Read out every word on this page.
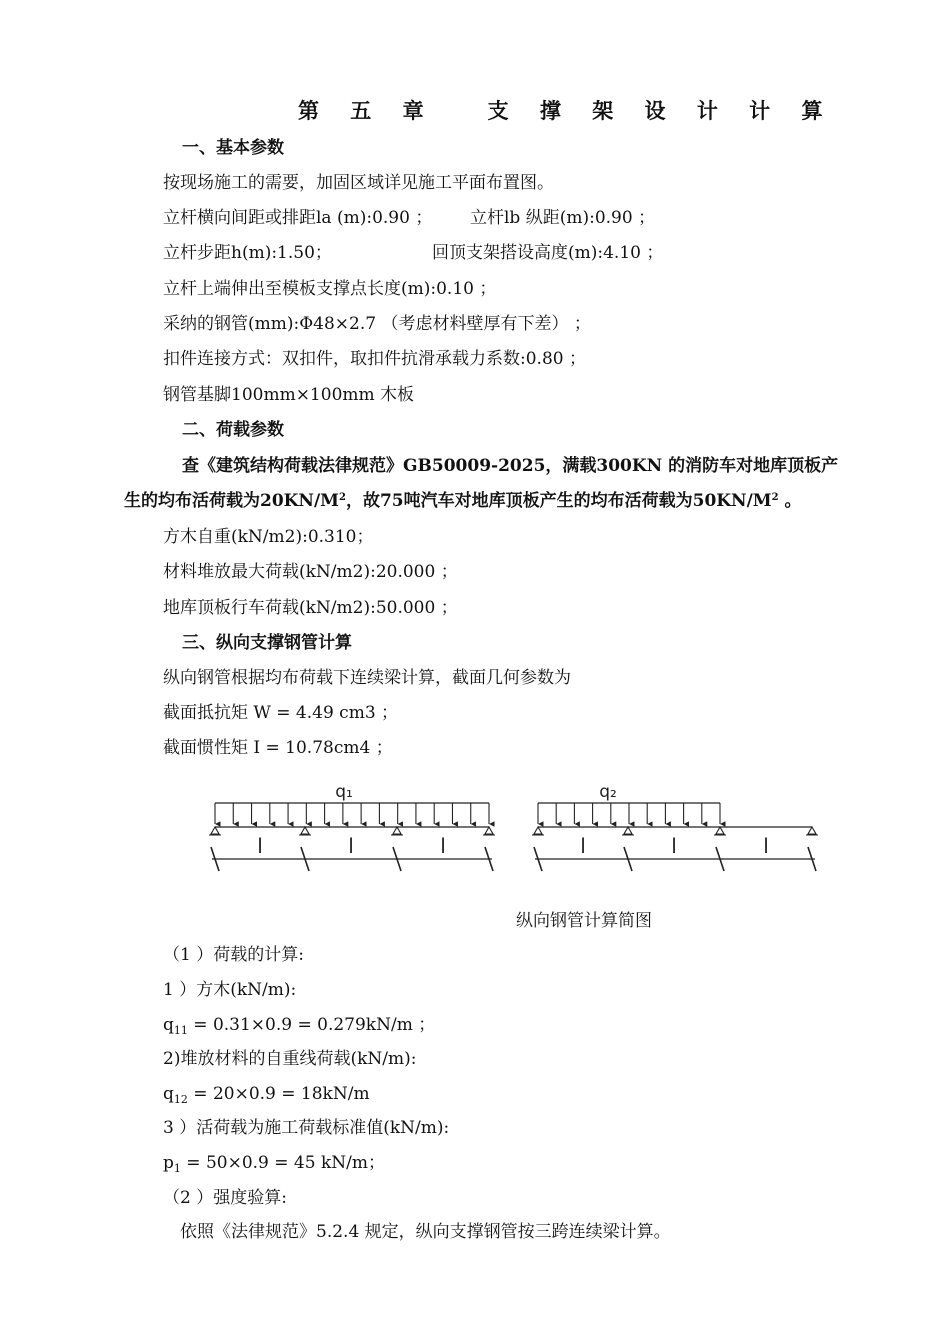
第 五 章 支 撑 架 设 计 计 算
一、基本参数
按现场施工的需要，加固区域详见施工平面布置图。
立杆横向间距或排距la (m):0.90 ； 立杆lb 纵距(m):0.90 ；
立杆步距h(m):1.50；	回顶支架搭设高度(m):4.10 ；
立杆上端伸出至模板支撑点长度(m):0.10 ；
采纳的钢管(mm):Φ48×2.7 （考虑材料壁厚有下差） ；
扣件连接方式：双扣件，取扣件抗滑承载力系数:0.80 ；
钢管基脚100mm×100mm 木板
二、荷载参数
查《建筑结构荷载法律规范》GB50009-2025，满载300KN 的消防车对地库顶板产
生的均布活荷载为$20KN/M^2$，故75吨汽车对地库顶板产生的均布活荷载为$50KN/M^2$ 。
方木自重(kN/m2):0.310；
材料堆放最大荷载(kN/m2):20.000 ；
地库顶板行车荷载(kN/m2):50.000 ；
三、纵向支撑钢管计算
纵向钢管根据均布荷载下连续梁计算，截面几何参数为
截面抵抗矩 W = 4.49 cm3 ；
截面惯性矩 I = 10.78cm4 ；
q₁	q₂
l	l	l	l	l	l
纵向钢管计算简图
（1 ）荷载的计算:
1 ）方木(kN/m):
$q_{11} = 0.31\times 0.9 = 0.279kN/m$ ；
2)堆放材料的自重线荷载(kN/m):
$q_{12} = 20\times 0.9 = 18kN/m$
3 ）活荷载为施工荷载标准值(kN/m):
$p_1 = 50\times 0.9 = 45$ kN/m；
（2 ）强度验算:
依照《法律规范》5.2.4 规定，纵向支撑钢管按三跨连续梁计算。
